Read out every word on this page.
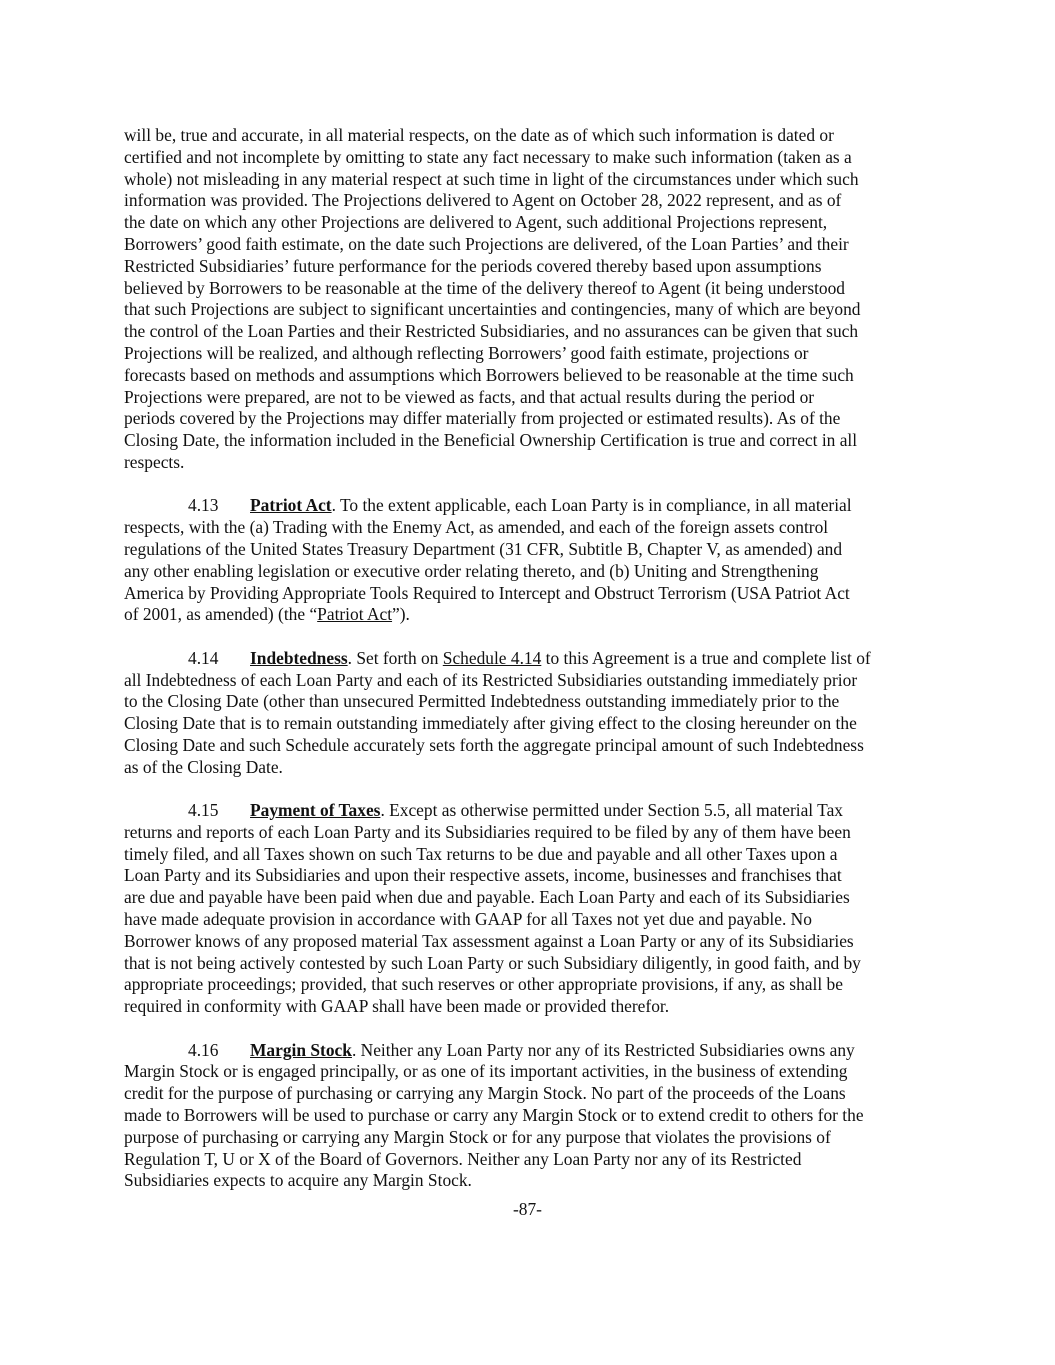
will be, true and accurate, in all material respects, on the date as of which such information is dated or
certified and not incomplete by omitting to state any fact necessary to make such information (taken as a
whole) not misleading in any material respect at such time in light of the circumstances under which such
information was provided. The Projections delivered to Agent on October 28, 2022 represent, and as of
the date on which any other Projections are delivered to Agent, such additional Projections represent,
Borrowers’ good faith estimate, on the date such Projections are delivered, of the Loan Parties’ and their
Restricted Subsidiaries’ future performance for the periods covered thereby based upon assumptions
believed by Borrowers to be reasonable at the time of the delivery thereof to Agent (it being understood
that such Projections are subject to significant uncertainties and contingencies, many of which are beyond
the control of the Loan Parties and their Restricted Subsidiaries, and no assurances can be given that such
Projections will be realized, and although reflecting Borrowers’ good faith estimate, projections or
forecasts based on methods and assumptions which Borrowers believed to be reasonable at the time such
Projections were prepared, are not to be viewed as facts, and that actual results during the period or
periods covered by the Projections may differ materially from projected or estimated results). As of the
Closing Date, the information included in the Beneficial Ownership Certification is true and correct in all
respects.
4.13 Patriot Act. To the extent applicable, each Loan Party is in compliance, in all material
respects, with the (a) Trading with the Enemy Act, as amended, and each of the foreign assets control
regulations of the United States Treasury Department (31 CFR, Subtitle B, Chapter V, as amended) and
any other enabling legislation or executive order relating thereto, and (b) Uniting and Strengthening
America by Providing Appropriate Tools Required to Intercept and Obstruct Terrorism (USA Patriot Act
of 2001, as amended) (the “Patriot Act”).
4.14 Indebtedness. Set forth on Schedule 4.14 to this Agreement is a true and complete list of
all Indebtedness of each Loan Party and each of its Restricted Subsidiaries outstanding immediately prior
to the Closing Date (other than unsecured Permitted Indebtedness outstanding immediately prior to the
Closing Date that is to remain outstanding immediately after giving effect to the closing hereunder on the
Closing Date and such Schedule accurately sets forth the aggregate principal amount of such Indebtedness
as of the Closing Date.
4.15 Payment of Taxes. Except as otherwise permitted under Section 5.5, all material Tax
returns and reports of each Loan Party and its Subsidiaries required to be filed by any of them have been
timely filed, and all Taxes shown on such Tax returns to be due and payable and all other Taxes upon a
Loan Party and its Subsidiaries and upon their respective assets, income, businesses and franchises that
are due and payable have been paid when due and payable. Each Loan Party and each of its Subsidiaries
have made adequate provision in accordance with GAAP for all Taxes not yet due and payable. No
Borrower knows of any proposed material Tax assessment against a Loan Party or any of its Subsidiaries
that is not being actively contested by such Loan Party or such Subsidiary diligently, in good faith, and by
appropriate proceedings; provided, that such reserves or other appropriate provisions, if any, as shall be
required in conformity with GAAP shall have been made or provided therefor.
4.16 Margin Stock. Neither any Loan Party nor any of its Restricted Subsidiaries owns any
Margin Stock or is engaged principally, or as one of its important activities, in the business of extending
credit for the purpose of purchasing or carrying any Margin Stock. No part of the proceeds of the Loans
made to Borrowers will be used to purchase or carry any Margin Stock or to extend credit to others for the
purpose of purchasing or carrying any Margin Stock or for any purpose that violates the provisions of
Regulation T, U or X of the Board of Governors. Neither any Loan Party nor any of its Restricted
Subsidiaries expects to acquire any Margin Stock.
-87-
